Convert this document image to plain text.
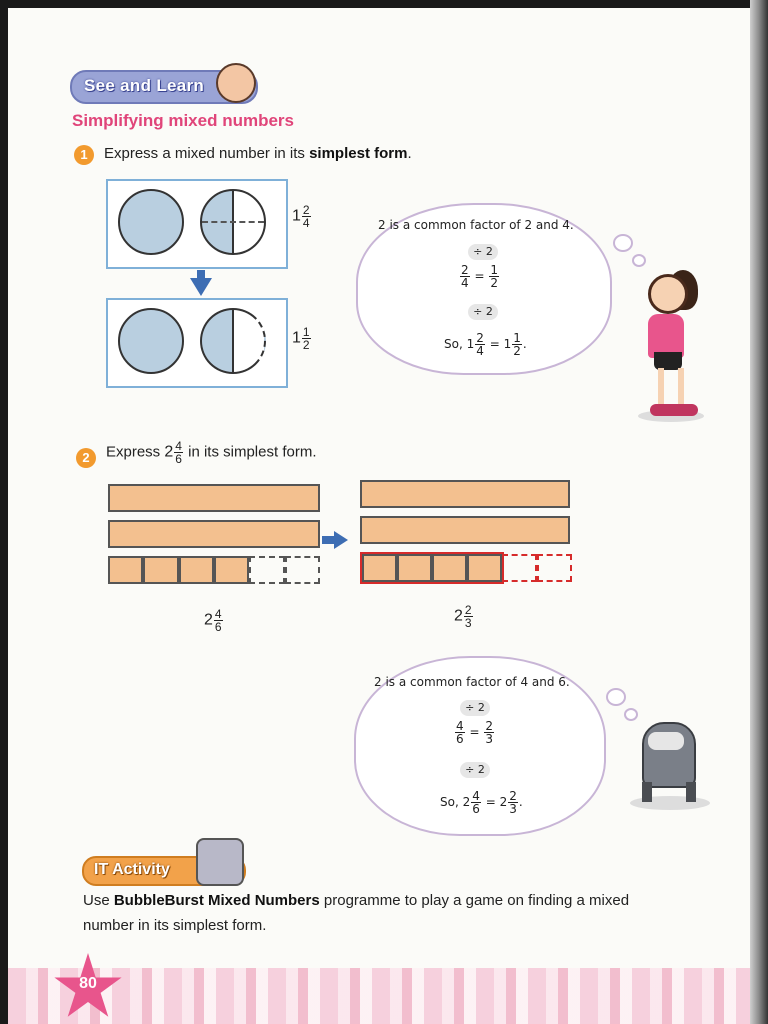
See and Learn
Simplifying mixed numbers
1	Express a mixed number in its simplest form.
$1 \frac{2}{4}$
$1 \frac{1}{2}$
2 is a common factor of 2 and 4.
÷ 2
$\frac{2}{4} = \frac{1}{2}$
÷ 2
So, $1 \frac{2}{4} = 1 \frac{1}{2}$ .
2	Express $2 \frac{4}{6}$ in its simplest form.
$2 \frac{4}{6}$	$2 \frac{2}{3}$
2 is a common factor of 4 and 6.
÷ 2
$\frac{4}{6} = \frac{2}{3}$
÷ 2
So, $2 \frac{4}{6} = 2 \frac{2}{3}$ .
IT Activity
Use BubbleBurst Mixed Numbers programme to play a game on finding a mixed number in its simplest form.
80
